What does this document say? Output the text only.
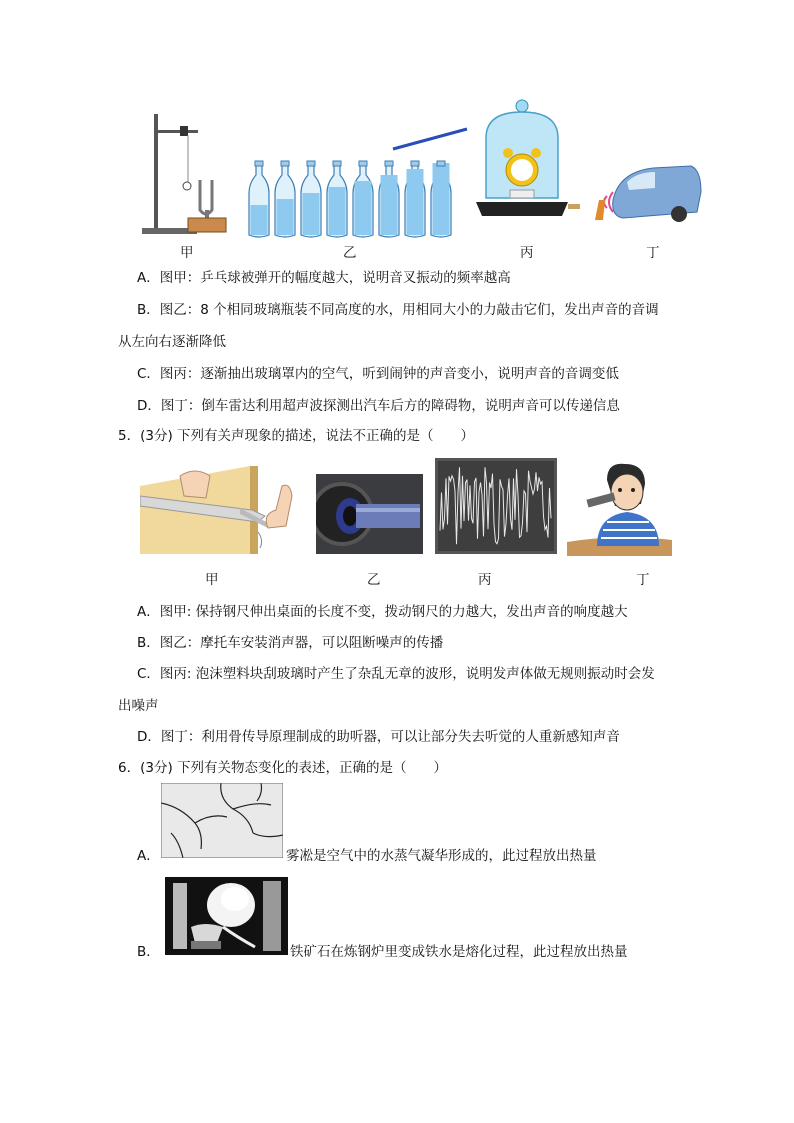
甲	乙	丙	丁
A．图甲：乒乓球被弹开的幅度越大，说明音叉振动的频率越高
B．图乙：8 个相同玻璃瓶装不同高度的水，用相同大小的力敲击它们，发出声音的音调
从左向右逐渐降低
C．图丙：逐渐抽出玻璃罩内的空气，听到闹钟的声音变小，说明声音的音调变低
D．图丁：倒车雷达利用超声波探测出汽车后方的障碍物，说明声音可以传递信息
5．(3分) 下列有关声现象的描述，说法不正确的是（　　）
甲	乙	丙	丁
A．图甲: 保持钢尺伸出桌面的长度不变，拨动钢尺的力越大，发出声音的响度越大
B．图乙：摩托车安装消声器，可以阻断噪声的传播
C．图丙: 泡沫塑料块刮玻璃时产生了杂乱无章的波形，说明发声体做无规则振动时会发
出噪声
D．图丁：利用骨传导原理制成的助听器，可以让部分失去听觉的人重新感知声音
6．(3分) 下列有关物态变化的表述，正确的是（　　）
A．	雾凇是空气中的水蒸气凝华形成的，此过程放出热量
B．	铁矿石在炼钢炉里变成铁水是熔化过程，此过程放出热量
